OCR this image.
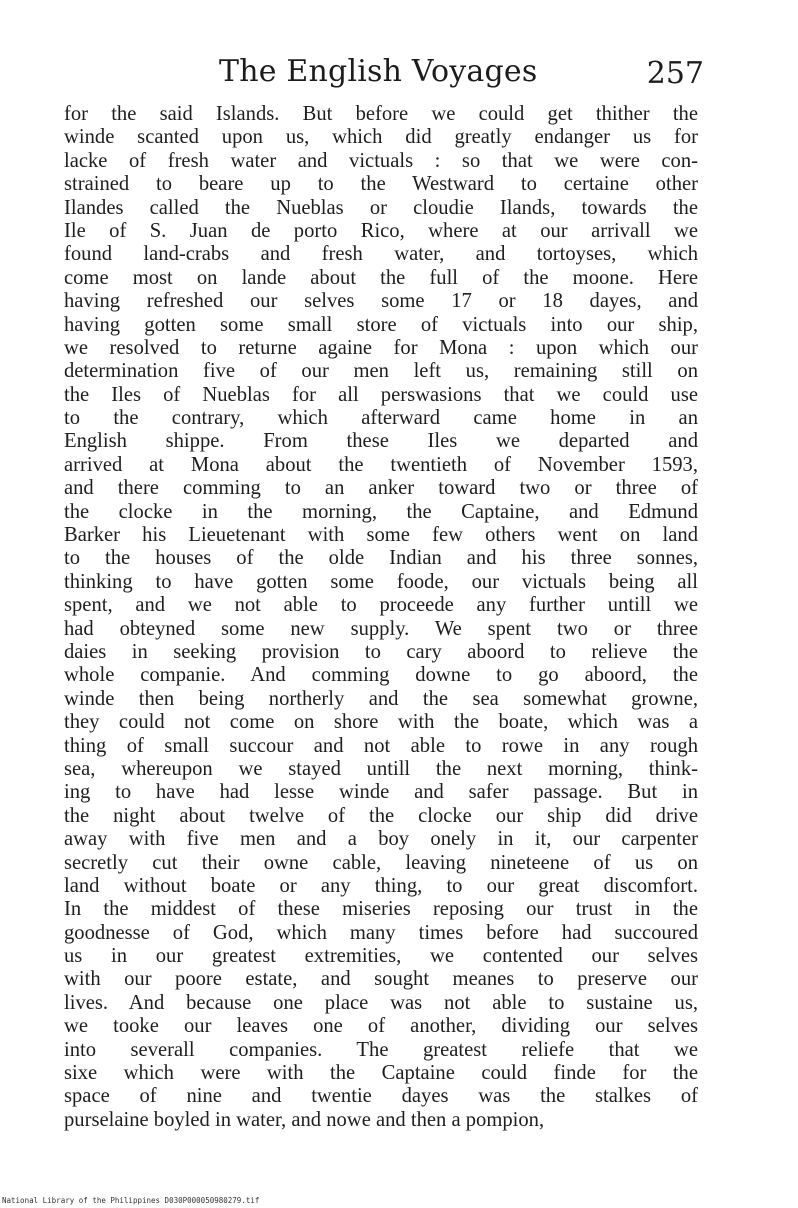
The English Voyages	257
for the said Islands. But before we could get thither the
winde scanted upon us, which did greatly endanger us for
lacke of fresh water and victuals : so that we were con-
strained to beare up to the Westward to certaine other
Ilandes called the Nueblas or cloudie Ilands, towards the
Ile of S. Juan de porto Rico, where at our arrivall we
found land-crabs and fresh water, and tortoyses, which
come most on lande about the full of the moone. Here
having refreshed our selves some 17 or 18 dayes, and
having gotten some small store of victuals into our ship,
we resolved to returne againe for Mona : upon which our
determination five of our men left us, remaining still on
the Iles of Nueblas for all perswasions that we could use
to the contrary, which afterward came home in an
English shippe. From these Iles we departed and
arrived at Mona about the twentieth of November 1593,
and there comming to an anker toward two or three of
the clocke in the morning, the Captaine, and Edmund
Barker his Lieuetenant with some few others went on land
to the houses of the olde Indian and his three sonnes,
thinking to have gotten some foode, our victuals being all
spent, and we not able to proceede any further untill we
had obteyned some new supply. We spent two or three
daies in seeking provision to cary aboord to relieve the
whole companie. And comming downe to go aboord, the
winde then being northerly and the sea somewhat growne,
they could not come on shore with the boate, which was a
thing of small succour and not able to rowe in any rough
sea, whereupon we stayed untill the next morning, think-
ing to have had lesse winde and safer passage. But in
the night about twelve of the clocke our ship did drive
away with five men and a boy onely in it, our carpenter
secretly cut their owne cable, leaving nineteene of us on
land without boate or any thing, to our great discomfort.
In the middest of these miseries reposing our trust in the
goodnesse of God, which many times before had succoured
us in our greatest extremities, we contented our selves
with our poore estate, and sought meanes to preserve our
lives. And because one place was not able to sustaine us,
we tooke our leaves one of another, dividing our selves
into severall companies. The greatest reliefe that we
sixe which were with the Captaine could finde for the
space of nine and twentie dayes was the stalkes of
purselaine boyled in water, and nowe and then a pompion,
National Library of the Philippines D030P000050980279.tif
